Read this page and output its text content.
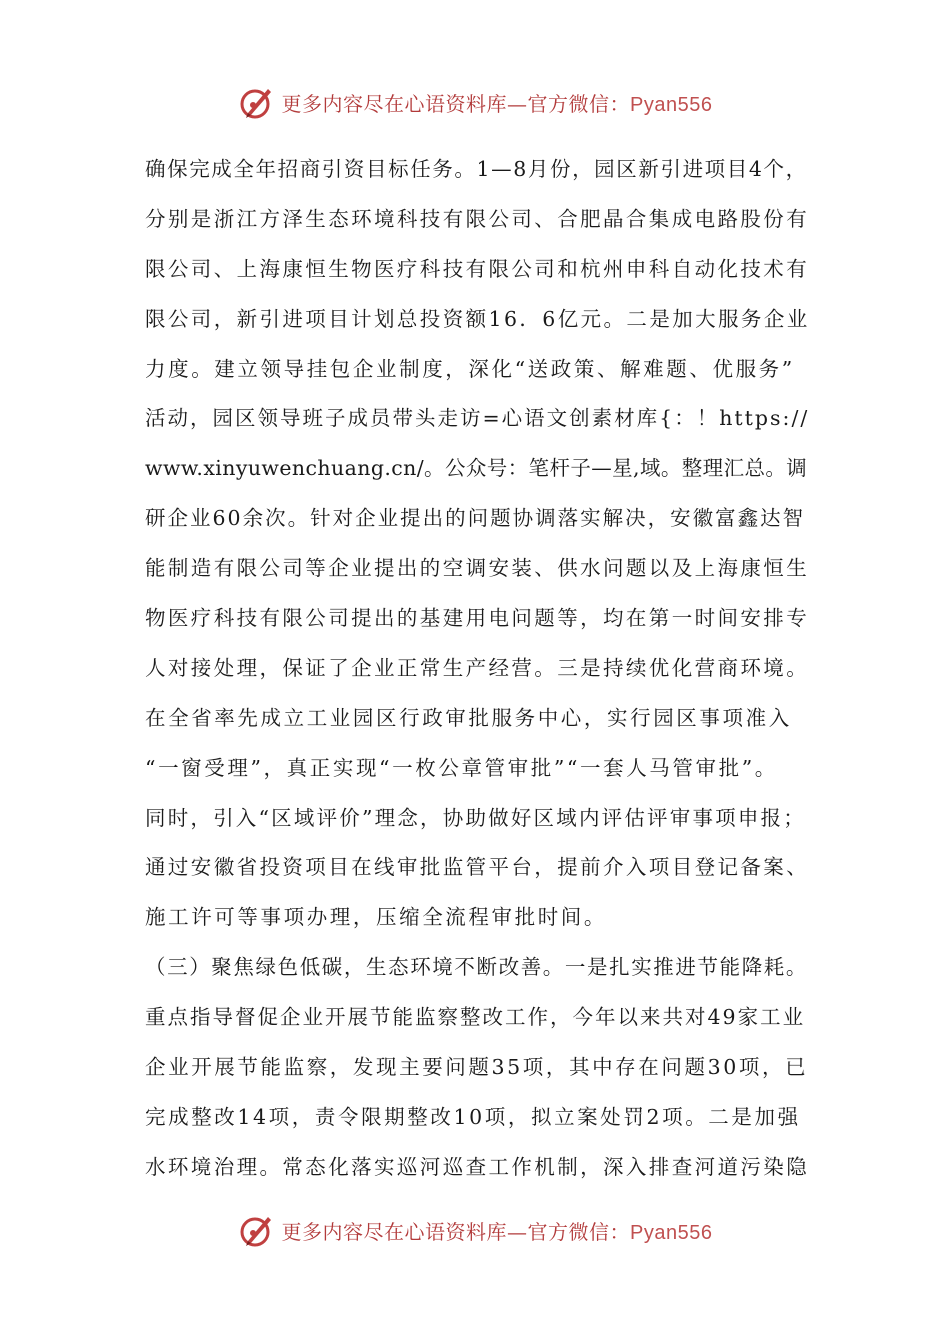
更多内容尽在心语资料库—官方微信：Pyan556
确保完成全年招商引资目标任务。1—8月份，园区新引进项目4个，
分别是浙江方泽生态环境科技有限公司、合肥晶合集成电路股份有
限公司、上海康恒生物医疗科技有限公司和杭州申科自动化技术有
限公司，新引进项目计划总投资额16．6亿元。二是加大服务企业
力度。建立领导挂包企业制度，深化“送政策、解难题、优服务”
活动，园区领导班子成员带头走访=心语文创素材库{：！https://
www.xinyuwenchuang.cn/。公众号：笔杆子—星,域。整理汇总。调
研企业60余次。针对企业提出的问题协调落实解决，安徽富鑫达智
能制造有限公司等企业提出的空调安装、供水问题以及上海康恒生
物医疗科技有限公司提出的基建用电问题等，均在第一时间安排专
人对接处理，保证了企业正常生产经营。三是持续优化营商环境。
在全省率先成立工业园区行政审批服务中心，实行园区事项准入
“一窗受理”，真正实现“一枚公章管审批”“一套人马管审批”。
同时，引入“区域评价”理念，协助做好区域内评估评审事项申报；
通过安徽省投资项目在线审批监管平台，提前介入项目登记备案、
施工许可等事项办理，压缩全流程审批时间。
（三）聚焦绿色低碳，生态环境不断改善。一是扎实推进节能降耗。
重点指导督促企业开展节能监察整改工作，今年以来共对49家工业
企业开展节能监察，发现主要问题35项，其中存在问题30项，已
完成整改14项，责令限期整改10项，拟立案处罚2项。二是加强
水环境治理。常态化落实巡河巡查工作机制，深入排查河道污染隐
更多内容尽在心语资料库—官方微信：Pyan556
